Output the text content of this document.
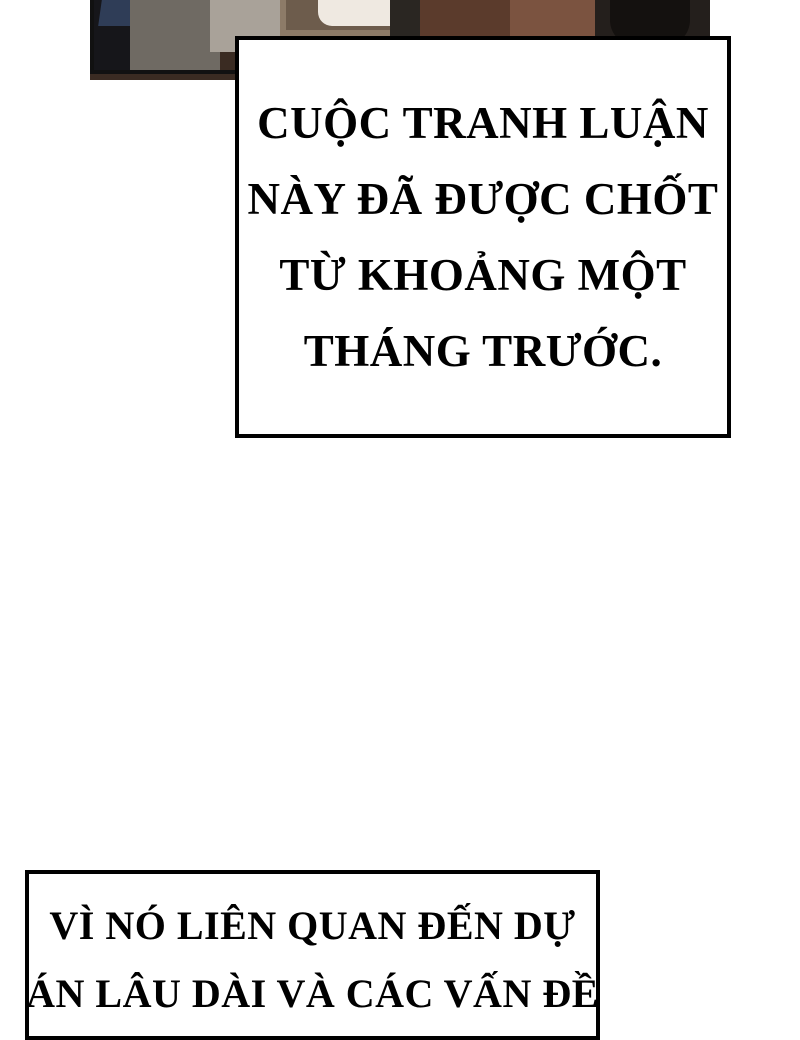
CUỘC TRANH LUẬN
NÀY ĐÃ ĐƯỢC CHỐT
TỪ KHOẢNG MỘT
THÁNG TRƯỚC.
VÌ NÓ LIÊN QUAN ĐẾN DỰ
ÁN LÂU DÀI VÀ CÁC VẤN ĐỀ
